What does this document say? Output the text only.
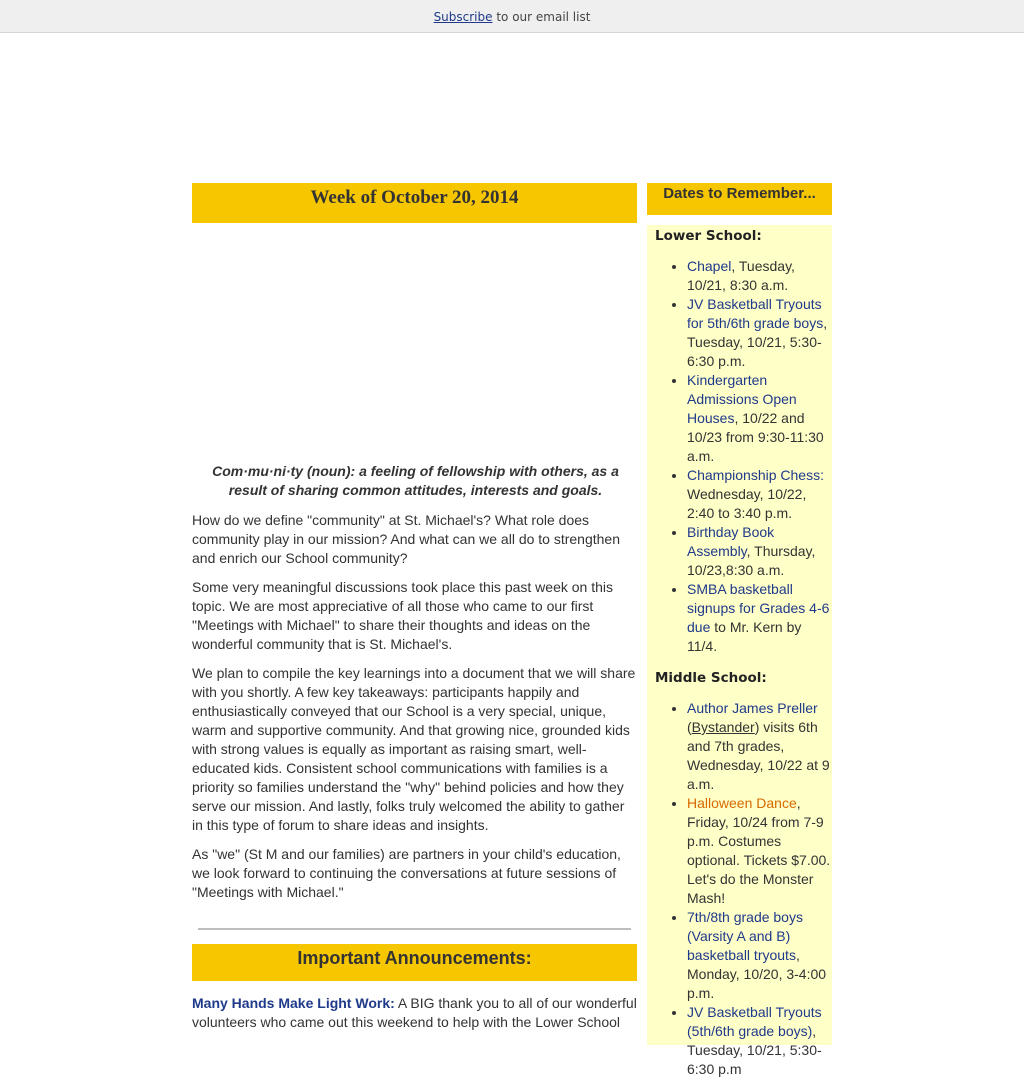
Subscribe to our email list
Week of October 20, 2014

Com·mu·ni·ty (noun): a feeling of fellowship with others, as a result of sharing common attitudes, interests and goals.

How do we define "community" at St. Michael's? What role does community play in our mission? And what can we all do to strengthen and enrich our School community?

Some very meaningful discussions took place this past week on this topic. We are most appreciative of all those who came to our first "Meetings with Michael" to share their thoughts and ideas on the wonderful community that is St. Michael's.

We plan to compile the key learnings into a document that we will share with you shortly. A few key takeaways: participants happily and enthusiastically conveyed that our School is a very special, unique, warm and supportive community. And that growing nice, grounded kids with strong values is equally as important as raising smart, well-educated kids. Consistent school communications with families is a priority so families understand the "why" behind policies and how they serve our mission. And lastly, folks truly welcomed the ability to gather in this type of forum to share ideas and insights.

As "we" (St M and our families) are partners in your child's education, we look forward to continuing the conversations at future sessions of "Meetings with Michael."

Important Announcements:
Many Hands Make Light Work: A BIG thank you to all of our wonderful volunteers who came out this weekend to help with the Lower School
Dates to Remember...
Lower School:
• Chapel, Tuesday, 10/21, 8:30 a.m.
• JV Basketball Tryouts for 5th/6th grade boys, Tuesday, 10/21, 5:30-6:30 p.m.
• Kindergarten Admissions Open Houses, 10/22 and 10/23 from 9:30-11:30 a.m.
• Championship Chess: Wednesday, 10/22, 2:40 to 3:40 p.m.
• Birthday Book Assembly, Thursday, 10/23,8:30 a.m.
• SMBA basketball signups for Grades 4-6 due to Mr. Kern by 11/4.
Middle School:
• Author James Preller (Bystander) visits 6th and 7th grades, Wednesday, 10/22 at 9 a.m.
• Halloween Dance, Friday, 10/24 from 7-9 p.m. Costumes optional. Tickets $7.00. Let's do the Monster Mash!
• 7th/8th grade boys (Varsity A and B) basketball tryouts, Monday, 10/20, 3-4:00 p.m.
• JV Basketball Tryouts (5th/6th grade boys), Tuesday, 10/21, 5:30-6:30 p.m
